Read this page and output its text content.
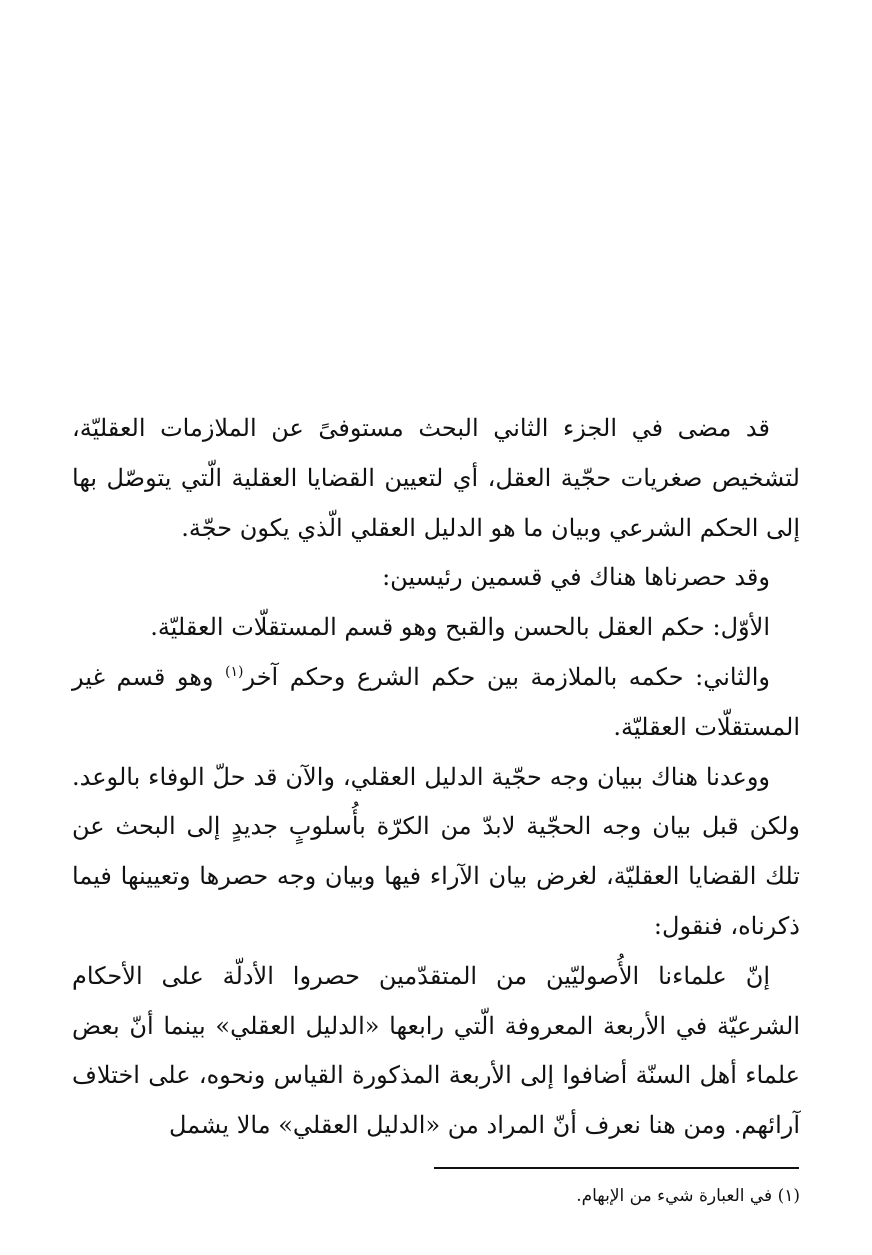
قد مضى في الجزء الثاني البحث مستوفىً عن الملازمات العقليّة، لتشخيص صغريات حجّية العقل، أي لتعيين القضايا العقلية الّتي يتوصّل بها إلى الحكم الشرعي وبيان ما هو الدليل العقلي الّذي يكون حجّة.

وقد حصرناها هناك في قسمين رئيسين:

الأوّل: حكم العقل بالحسن والقبح وهو قسم المستقلّات العقليّة.

والثاني: حكمه بالملازمة بين حكم الشرع وحكم آخر$^{(١)}$ وهو قسم غير المستقلّات العقليّة.

ووعدنا هناك ببيان وجه حجّية الدليل العقلي، والآن قد حلّ الوفاء بالوعد. ولكن قبل بيان وجه الحجّية لابدّ من الكرّة بأُسلوبٍ جديدٍ إلى البحث عن تلك القضايا العقليّة، لغرض بيان الآراء فيها وبيان وجه حصرها وتعيينها فيما ذكرناه، فنقول:

إنّ علماءنا الأُصوليّين من المتقدّمين حصروا الأدلّة على الأحكام الشرعيّة في الأربعة المعروفة الّتي رابعها «الدليل العقلي» بينما أنّ بعض علماء أهل السنّة أضافوا إلى الأربعة المذكورة القياس ونحوه، على اختلاف آرائهم. ومن هنا نعرف أنّ المراد من «الدليل العقلي» مالا يشمل

(١) في العبارة شيء من الإبهام.
